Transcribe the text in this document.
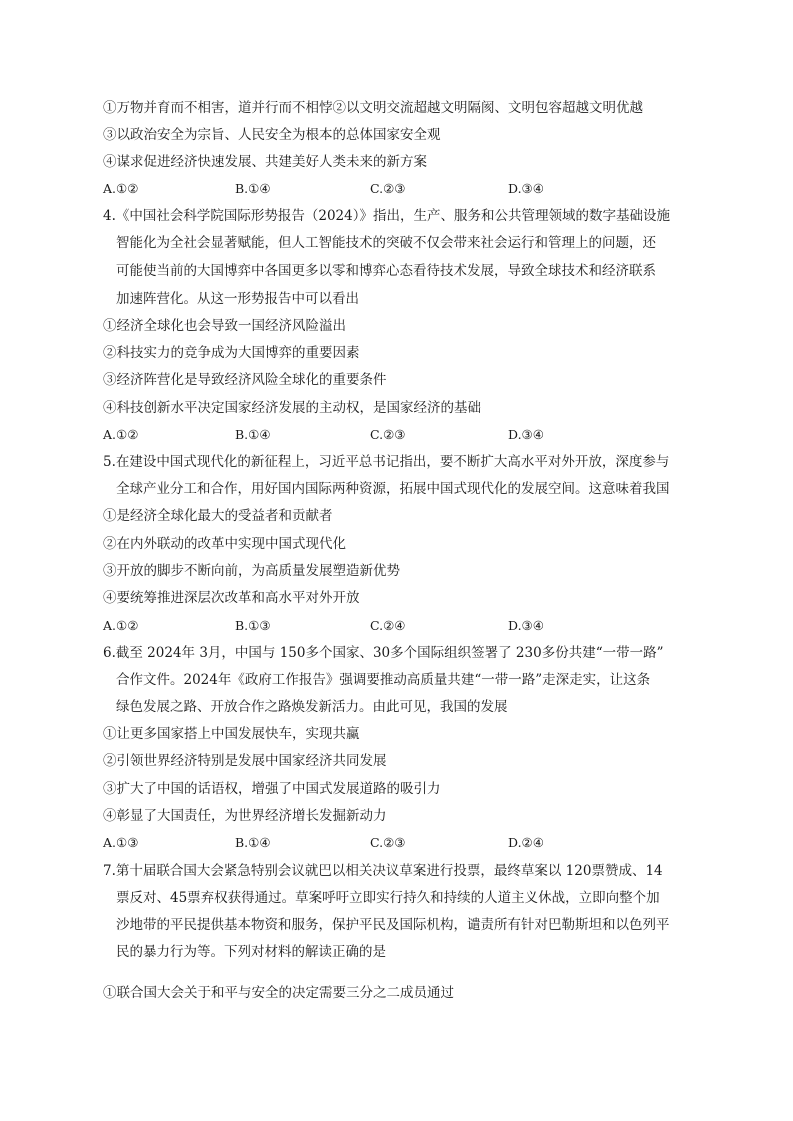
①万物并育而不相害，道并行而不相悖②以文明交流超越文明隔阂、文明包容超越文明优越
③以政治安全为宗旨、人民安全为根本的总体国家安全观
④谋求促进经济快速发展、共建美好人类未来的新方案
A.①②	B.①④	C.②③	D.③④
4.《中国社会科学院国际形势报告（2024）》指出，生产、服务和公共管理领域的数字基础设施
智能化为全社会显著赋能，但人工智能技术的突破不仅会带来社会运行和管理上的问题，还
可能使当前的大国博弈中各国更多以零和博弈心态看待技术发展，导致全球技术和经济联系
加速阵营化。从这一形势报告中可以看出
①经济全球化也会导致一国经济风险溢出
②科技实力的竞争成为大国博弈的重要因素
③经济阵营化是导致经济风险全球化的重要条件
④科技创新水平决定国家经济发展的主动权，是国家经济的基础
A.①②	B.①④	C.②③	D.③④
5.在建设中国式现代化的新征程上，习近平总书记指出，要不断扩大高水平对外开放，深度参与
全球产业分工和合作，用好国内国际两种资源，拓展中国式现代化的发展空间。这意味着我国
①是经济全球化最大的受益者和贡献者
②在内外联动的改革中实现中国式现代化
③开放的脚步不断向前，为高质量发展塑造新优势
④要统筹推进深层次改革和高水平对外开放
A.①②	B.①③	C.②④	D.③④
6.截至 2024年 3月，中国与 150多个国家、30多个国际组织签署了 230多份共建“一带一路”
合作文件。2024年《政府工作报告》强调要推动高质量共建“一带一路”走深走实，让这条
绿色发展之路、开放合作之路焕发新活力。由此可见，我国的发展
①让更多国家搭上中国发展快车，实现共赢
②引领世界经济特别是发展中国家经济共同发展
③扩大了中国的话语权，增强了中国式发展道路的吸引力
④彰显了大国责任，为世界经济增长发掘新动力
A.①③	B.①④	C.②③	D.②④
7.第十届联合国大会紧急特别会议就巴以相关决议草案进行投票，最终草案以 120票赞成、14
票反对、45票弃权获得通过。草案呼吁立即实行持久和持续的人道主义休战，立即向整个加
沙地带的平民提供基本物资和服务，保护平民及国际机构，谴责所有针对巴勒斯坦和以色列平
民的暴力行为等。下列对材料的解读正确的是
①联合国大会关于和平与安全的决定需要三分之二成员通过
